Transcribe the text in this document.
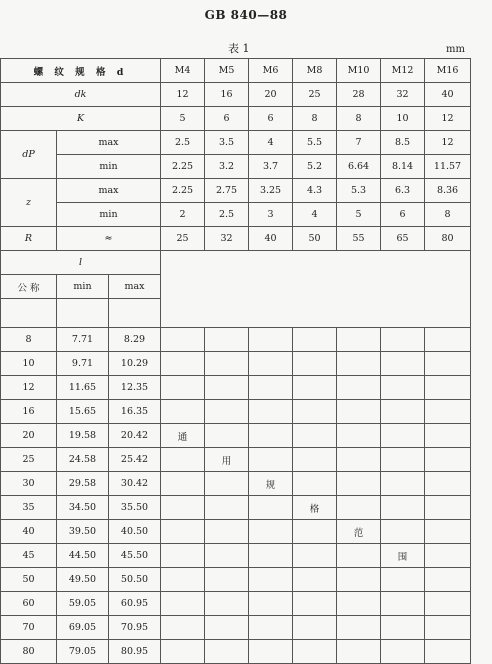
GB 840—88
表 1	mm
螺 纹 规 格 d			M4	M5	M6	M8	M10	M12	M16
dk			12	16	20	25	28	32	40
K			5	6	6	8	8	10	12
dP	max		2.5	3.5	4	5.5	7	8.5	12
	min		2.25	3.2	3.7	5.2	6.64	8.14	11.57
z	max		2.25	2.75	3.25	4.3	5.3	6.3	8.36
	min		2	2.5	3	4	5	6	8
R	≈		25	32	40	50	55	65	80
l									
公 称	min	max							

8	7.71	8.29							
10	9.71	10.29							
12	11.65	12.35							
16	15.65	16.35							
20	19.58	20.42	通						
25	24.58	25.42		用					
30	29.58	30.42			规				
35	34.50	35.50				格			
40	39.50	40.50					范		
45	44.50	45.50						围	
50	49.50	50.50							
60	59.05	60.95							
70	69.05	70.95							
80	79.05	80.95							
